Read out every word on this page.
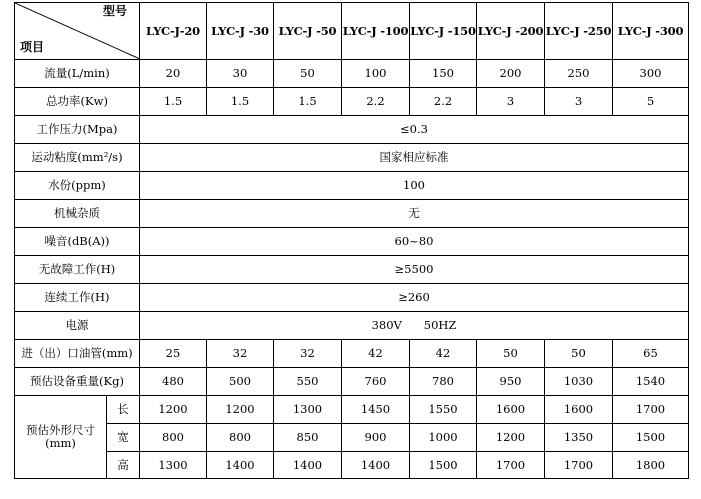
型号
项目		LYC-J-20	LYC-J -30	LYC-J -50	LYC-J -100	LYC-J -150	LYC-J -200	LYC-J -250	LYC-J -300
流量(L/min)		20	30	50	100	150	200	250	300
总功率(Kw)		1.5	1.5	1.5	2.2	2.2	3	3	5
工作压力(Mpa)		≤0.3							
运动粘度(mm²/s)		国家相应标准							
水份(ppm)		100							
机械杂质		无							
噪音(dB(A))		60~80							
无故障工作(H)		≥5500							
连续工作(H)		≥260							
电源		380V      50HZ							
进（出）口油管(mm)		25	32	32	42	42	50	50	65
预估设备重量(Kg)		480	500	550	760	780	950	1030	1540

预估外形尺寸
(mm)	长	1200	1200	1300	1450	1550	1600	1600	1700
	宽	800	800	850	900	1000	1200	1350	1500
	高	1300	1400	1400	1400	1500	1700	1700	1800
